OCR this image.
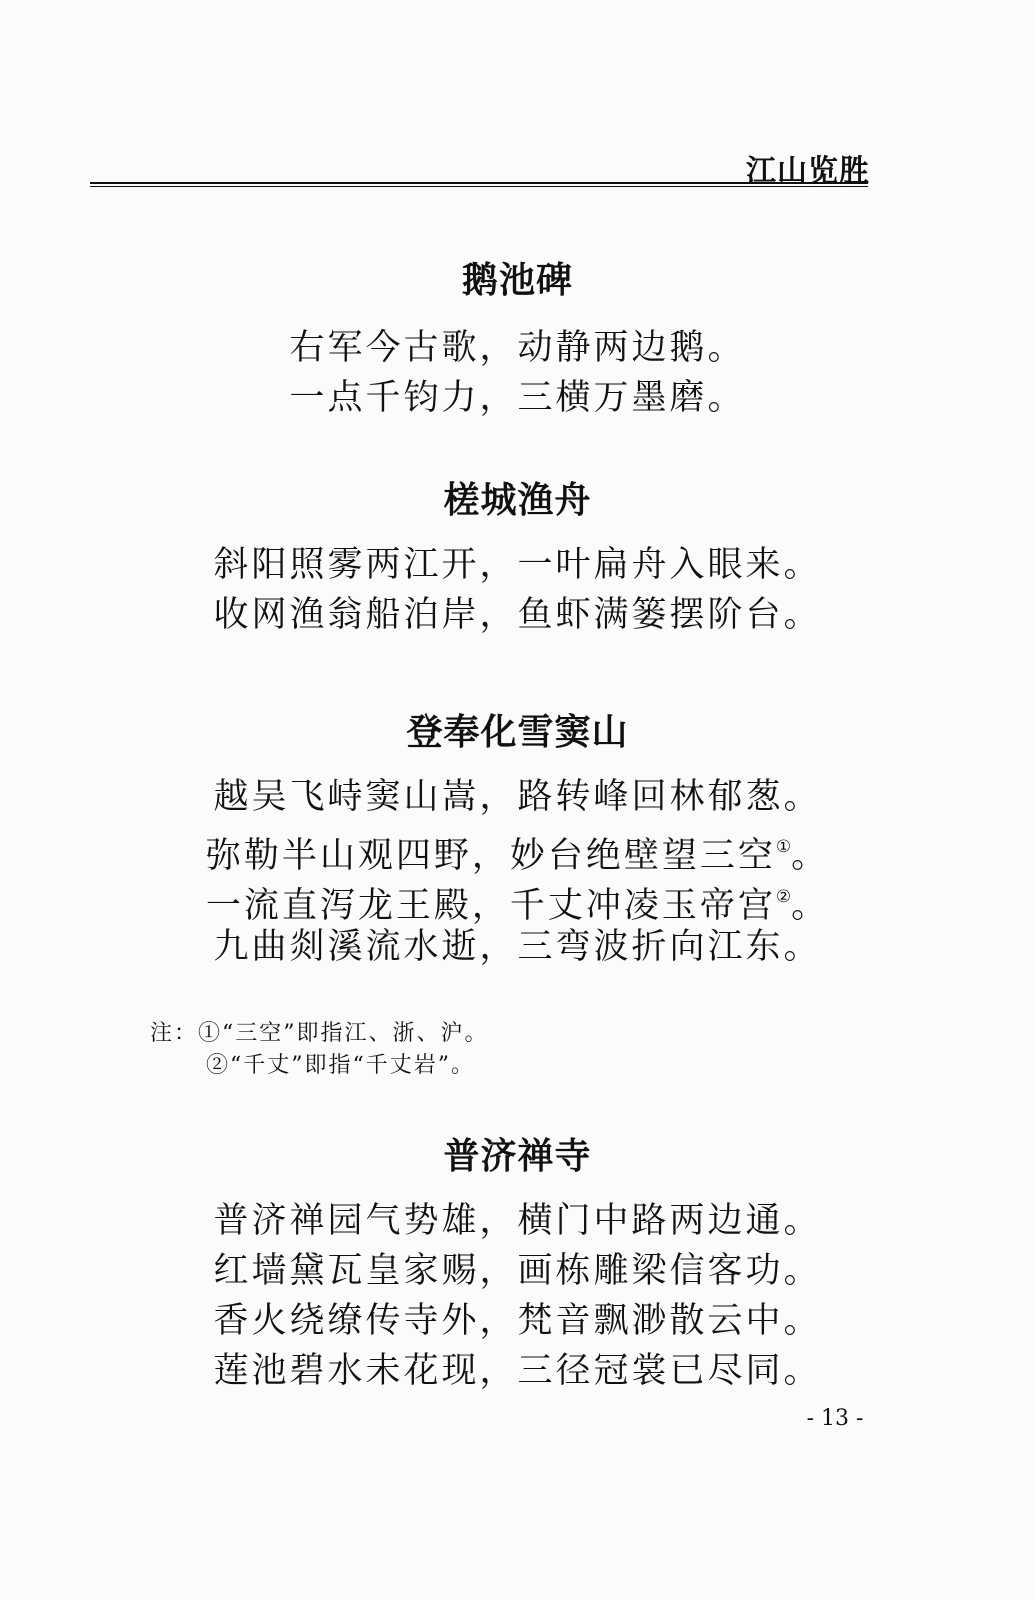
江山览胜
鹅池碑
右军今古歌，动静两边鹅。
一点千钧力，三横万墨磨。
槎城渔舟
斜阳照雾两江开，一叶扁舟入眼来。
收网渔翁船泊岸，鱼虾满篓摆阶台。
登奉化雪窦山
越吴飞峙窦山嵩，路转峰回林郁葱。
弥勒半山观四野，妙台绝壁望三空①。
一流直泻龙王殿，千丈冲凌玉帝宫②。
九曲剡溪流水逝，三弯波折向江东。
注：①“三空”即指江、浙、沪。
②“千丈”即指“千丈岩”。
普济禅寺
普济禅园气势雄，横门中路两边通。
红墙黛瓦皇家赐，画栋雕梁信客功。
香火绕缭传寺外，梵音飘渺散云中。
莲池碧水未花现，三径冠裳已尽同。
- 13 -
